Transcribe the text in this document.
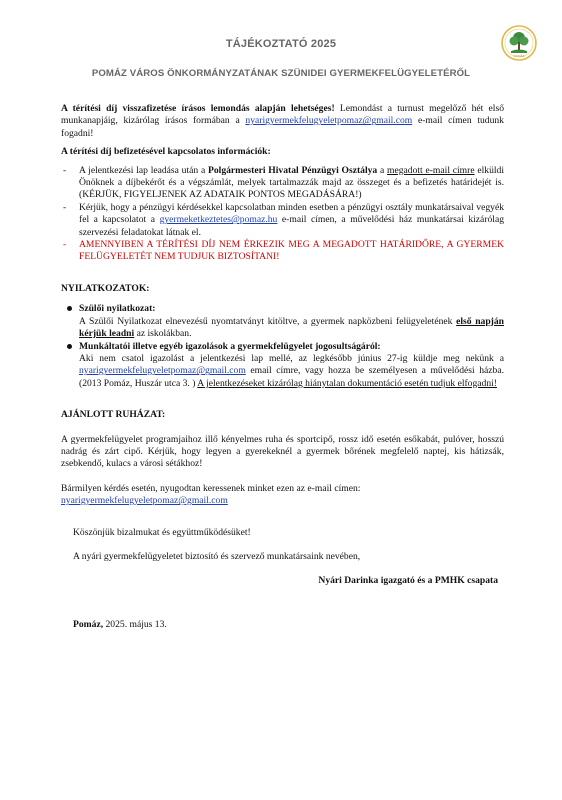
TÁJÉKOZTATÓ 2025
POMÁZ VÁROS ÖNKORMÁNYZATÁNAK SZÜNIDEI GYERMEKFELÜGYELETÉRŐL
POMÁZ

A térítési díj visszafizetése írásos lemondás alapján lehetséges! Lemondást a turnust megelőző hét első munkanapjáig, kizárólag írásos formában a nyarigyermekfelugyeletpomaz@gmail.com e-mail címen tudunk fogadni!

A térítési díj befizetésével kapcsolatos információk:

- A jelentkezési lap leadása után a Polgármesteri Hivatal Pénzügyi Osztálya a megadott e-mail címre elküldi Önöknek a díjbekérőt és a végszámlát, melyek tartalmazzák majd az összeget és a befizetés határidejét is. (KÉRJÜK, FIGYELJENEK AZ ADATAIK PONTOS MEGADÁSÁRA!)
- Kérjük, hogy a pénzügyi kérdésekkel kapcsolatban minden esetben a pénzügyi osztály munkatársaival vegyék fel a kapcsolatot a gyermeketkeztetes@pomaz.hu e-mail címen, a művelődési ház munkatársai kizárólag szervezési feladatokat látnak el.
- AMENNYIBEN A TÉRÍTÉSI DÍJ NEM ÉRKEZIK MEG A MEGADOTT HATÁRIDŐRE, A GYERMEK FELÜGYELETÉT NEM TUDJUK BIZTOSÍTANI!

NYILATKOZATOK:

Szülői nyilatkozat:
A Szülői Nyilatkozat elnevezésű nyomtatványt kitöltve, a gyermek napközbeni felügyeletének első napján kérjük leadni az iskolákban.
Munkáltatói illetve egyéb igazolások a gyermekfelügyelet jogosultságáról:
Aki nem csatol igazolást a jelentkezési lap mellé, az legkésőbb június 27-ig küldje meg nekünk a nyarigyermekfelugyeletpomaz@gmail.com email címre, vagy hozza be személyesen a művelődési házba. (2013 Pomáz, Huszár utca 3. ) A jelentkezéseket kizárólag hiánytalan dokumentáció esetén tudjuk elfogadni!

AJÁNLOTT RUHÁZAT:

A gyermekfelügyelet programjaihoz illő kényelmes ruha és sportcipő, rossz idő esetén esőkabát, pulóver, hosszú nadrág és zárt cipő. Kérjük, hogy legyen a gyerekeknél a gyermek bőrének megfelelő naptej, kis hátizsák, zsebkendő, kulacs a városi sétákhoz!

Bármilyen kérdés esetén, nyugodtan keressenek minket ezen az e-mail címen:

nyarigyermekfelugyeletpomaz@gmail.com

Köszönjük bizalmukat és együttműködésüket!

A nyári gyermekfelügyeletet biztosító és szervező munkatársaink nevében,

Nyári Darinka igazgató és a PMHK csapata

Pomáz, 2025. május 13.
